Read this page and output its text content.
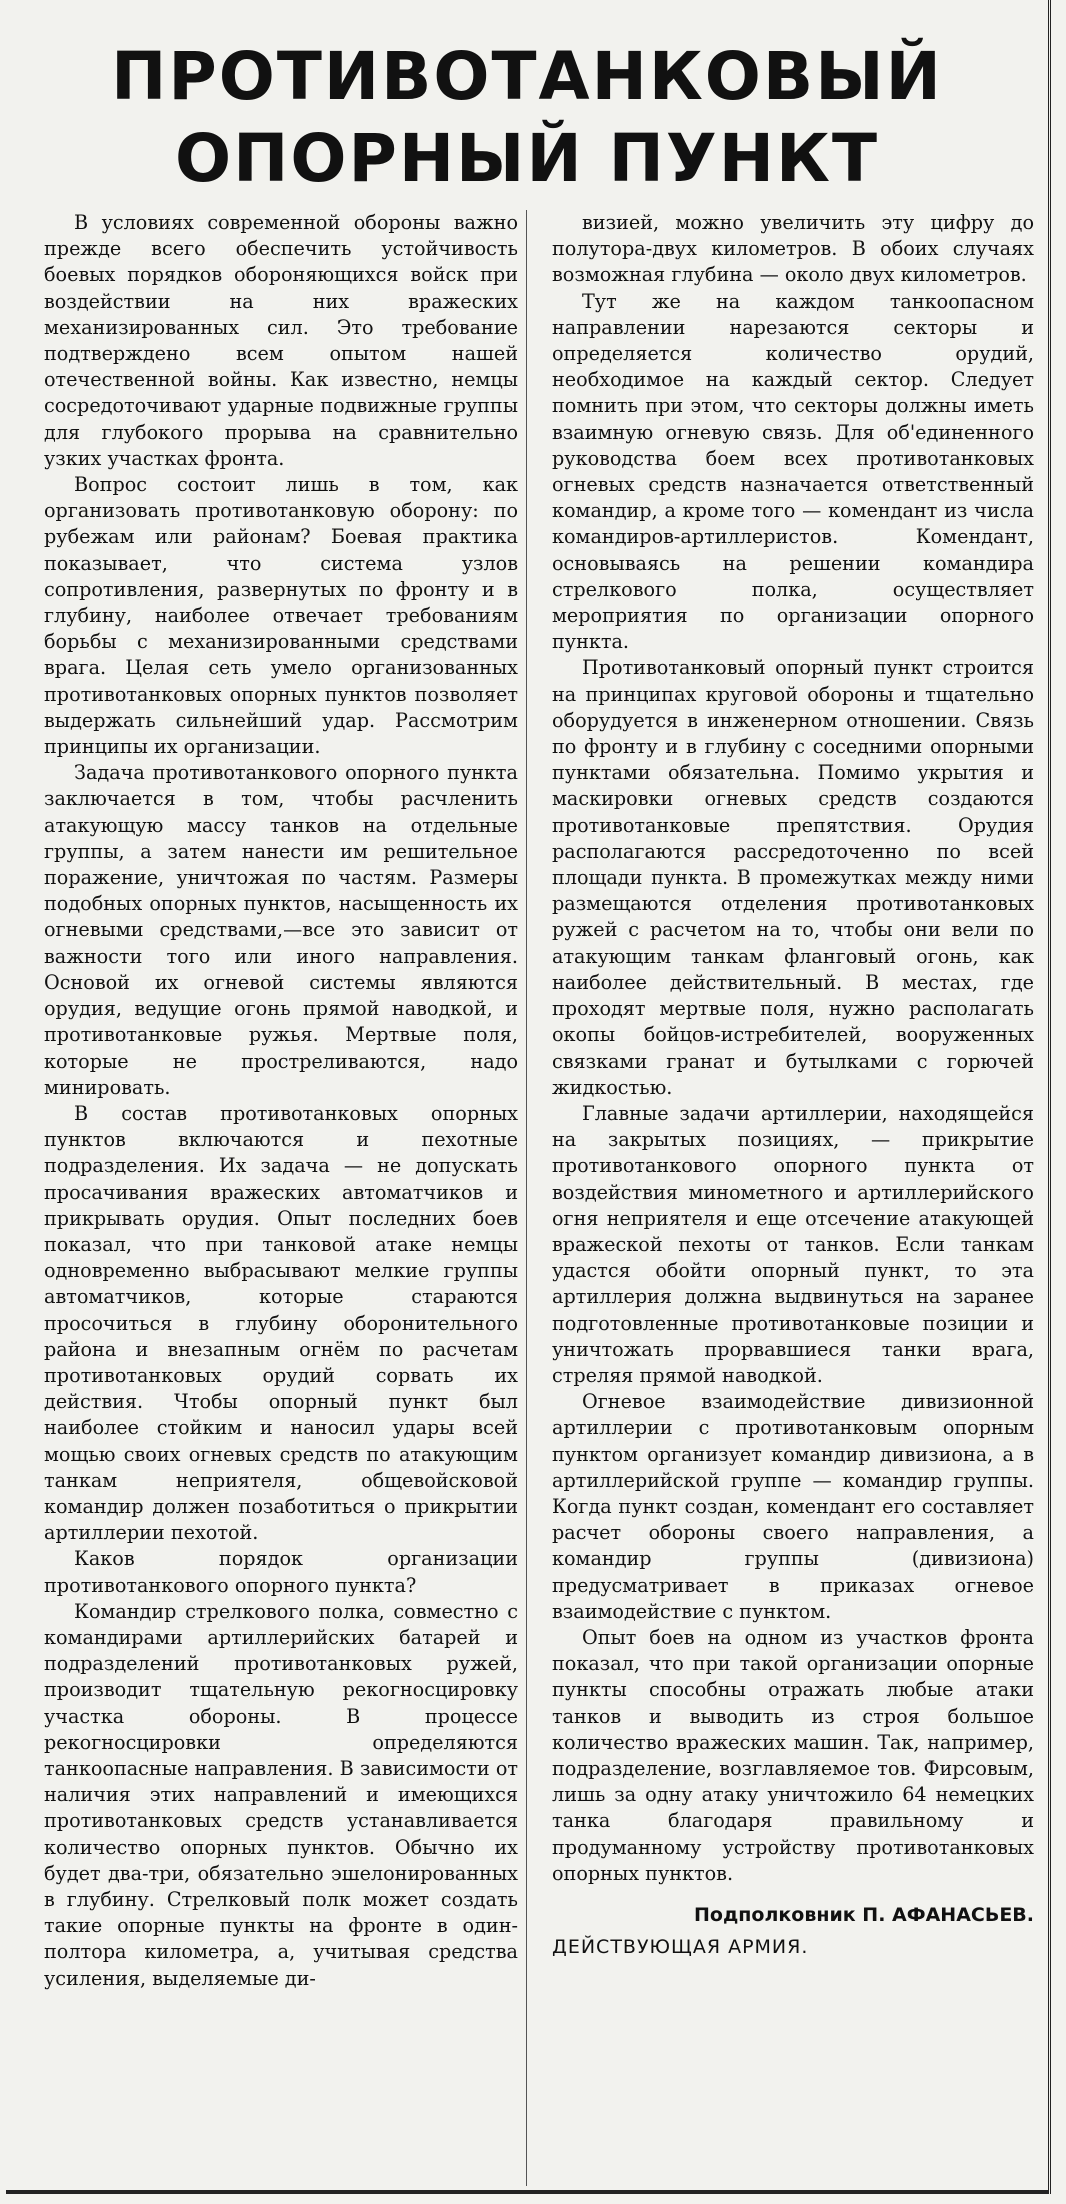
ПРОТИВОТАНКОВЫЙ
ОПОРНЫЙ ПУНКТ

В условиях современной обороны важно прежде всего обеспечить устойчивость боевых порядков обороняющихся войск при воздействии на них вражеских механизированных сил. Это требование подтверждено всем опытом нашей отечественной войны. Как известно, немцы сосредоточивают ударные подвижные группы для глубокого прорыва на сравнительно узких участках фронта.

Вопрос состоит лишь в том, как организовать противотанковую оборону: по рубежам или районам? Боевая практика показывает, что система узлов сопротивления, развернутых по фронту и в глубину, наиболее отвечает требованиям борьбы с механизированными средствами врага. Целая сеть умело организованных противотанковых опорных пунктов позволяет выдержать сильнейший удар. Рассмотрим принципы их организации.

Задача противотанкового опорного пункта заключается в том, чтобы расчленить атакующую массу танков на отдельные группы, а затем нанести им решительное поражение, уничтожая по частям. Размеры подобных опорных пунктов, насыщенность их огневыми средствами,—все это зависит от важности того или иного направления. Основой их огневой системы являются орудия, ведущие огонь прямой наводкой, и противотанковые ружья. Мертвые поля, которые не простреливаются, надо минировать.

В состав противотанковых опорных пунктов включаются и пехотные подразделения. Их задача — не допускать просачивания вражеских автоматчиков и прикрывать орудия. Опыт последних боев показал, что при танковой атаке немцы одновременно выбрасывают мелкие группы автоматчиков, которые стараются просочиться в глубину оборонительного района и внезапным огнём по расчетам противотанковых орудий сорвать их действия. Чтобы опорный пункт был наиболее стойким и наносил удары всей мощью своих огневых средств по атакующим танкам неприятеля, общевойсковой командир должен позаботиться о прикрытии артиллерии пехотой.

Каков порядок организации противотанкового опорного пункта?

Командир стрелкового полка, совместно с командирами артиллерийских батарей и подразделений противотанковых ружей, производит тщательную рекогносцировку участка обороны. В процессе рекогносцировки определяются танкоопасные направления. В зависимости от наличия этих направлений и имеющихся противотанковых средств устанавливается количество опорных пунктов. Обычно их будет два-три, обязательно эшелонированных в глубину. Стрелковый полк может создать такие опорные пункты на фронте в один-полтора километра, а, учитывая средства усиления, выделяемые ди-

визией, можно увеличить эту цифру до полутора-двух километров. В обоих случаях возможная глубина — около двух километров.

Тут же на каждом танкоопасном направлении нарезаются секторы и определяется количество орудий, необходимое на каждый сектор. Следует помнить при этом, что секторы должны иметь взаимную огневую связь. Для об'единенного руководства боем всех противотанковых огневых средств назначается ответственный командир, а кроме того — комендант из числа командиров-артиллеристов. Комендант, основываясь на решении командира стрелкового полка, осуществляет мероприятия по организации опорного пункта.

Противотанковый опорный пункт строится на принципах круговой обороны и тщательно оборудуется в инженерном отношении. Связь по фронту и в глубину с соседними опорными пунктами обязательна. Помимо укрытия и маскировки огневых средств создаются противотанковые препятствия. Орудия располагаются рассредоточенно по всей площади пункта. В промежутках между ними размещаются отделения противотанковых ружей с расчетом на то, чтобы они вели по атакующим танкам фланговый огонь, как наиболее действительный. В местах, где проходят мертвые поля, нужно располагать окопы бойцов-истребителей, вооруженных связками гранат и бутылками с горючей жидкостью.

Главные задачи артиллерии, находящейся на закрытых позициях, — прикрытие противотанкового опорного пункта от воздействия минометного и артиллерийского огня неприятеля и еще отсечение атакующей вражеской пехоты от танков. Если танкам удастся обойти опорный пункт, то эта артиллерия должна выдвинуться на заранее подготовленные противотанковые позиции и уничтожать прорвавшиеся танки врага, стреляя прямой наводкой.

Огневое взаимодействие дивизионной артиллерии с противотанковым опорным пунктом организует командир дивизиона, а в артиллерийской группе — командир группы. Когда пункт создан, комендант его составляет расчет обороны своего направления, а командир группы (дивизиона) предусматривает в приказах огневое взаимодействие с пунктом.

Опыт боев на одном из участков фронта показал, что при такой организации опорные пункты способны отражать любые атаки танков и выводить из строя большое количество вражеских машин. Так, например, подразделение, возглавляемое тов. Фирсовым, лишь за одну атаку уничтожило 64 немецких танка благодаря правильному и продуманному устройству противотанковых опорных пунктов.

Подполковник П. АФАНАСЬЕВ.
ДЕЙСТВУЮЩАЯ АРМИЯ.
